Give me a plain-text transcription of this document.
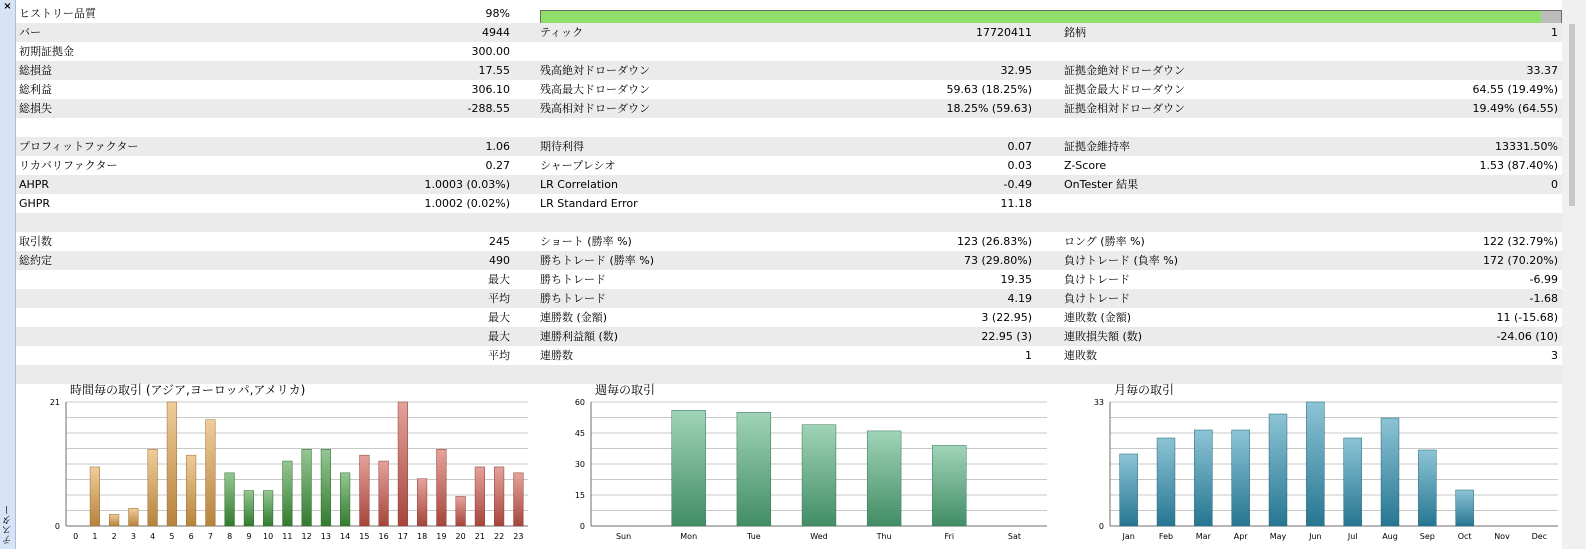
×
テスター
ヒストリー品質	98%
バー	4944	ティック	17720411	銘柄	1
初期証拠金	300.00
総損益	17.55	残高絶対ドローダウン	32.95	証拠金絶対ドローダウン	33.37
総利益	306.10	残高最大ドローダウン	59.63 (18.25%)	証拠金最大ドローダウン	64.55 (19.49%)
総損失	-288.55	残高相対ドローダウン	18.25% (59.63)	証拠金相対ドローダウン	19.49% (64.55)
プロフィットファクター	1.06	期待利得	0.07	証拠金維持率	13331.50%
リカバリファクター	0.27	シャープレシオ	0.03	Z-Score	1.53 (87.40%)
AHPR	1.0003 (0.03%)	LR Correlation	-0.49	OnTester 結果	0
GHPR	1.0002 (0.02%)	LR Standard Error	11.18
取引数	245	ショート (勝率 %)	123 (26.83%)	ロング (勝率 %)	122 (32.79%)
総約定	490	勝ちトレード (勝率 %)	73 (29.80%)	負けトレード (負率 %)	172 (70.20%)
最大	勝ちトレード	19.35	負けトレード	-6.99
平均	勝ちトレード	4.19	負けトレード	-1.68
最大	連勝数 (金額)	3 (22.95)	連敗数 (金額)	11 (-15.68)
最大	連勝利益額 (数)	22.95 (3)	連敗損失額 (数)	-24.06 (10)
平均	連勝数	1	連敗数	3
時間毎の取引 (アジア,ヨーロッパ,アメリカ)
0
21
0 1 2 3 4 5 6 7 8 9 10 11 12 13 14 15 16 17 18 19 20 21 22 23
週毎の取引
0
15
30
45
60
Sun	Mon	Tue	Wed	Thu	Fri	Sat
月毎の取引
0
33
Jan	Feb	Mar	Apr	May	Jun	Jul	Aug	Sep	Oct	Nov	Dec
